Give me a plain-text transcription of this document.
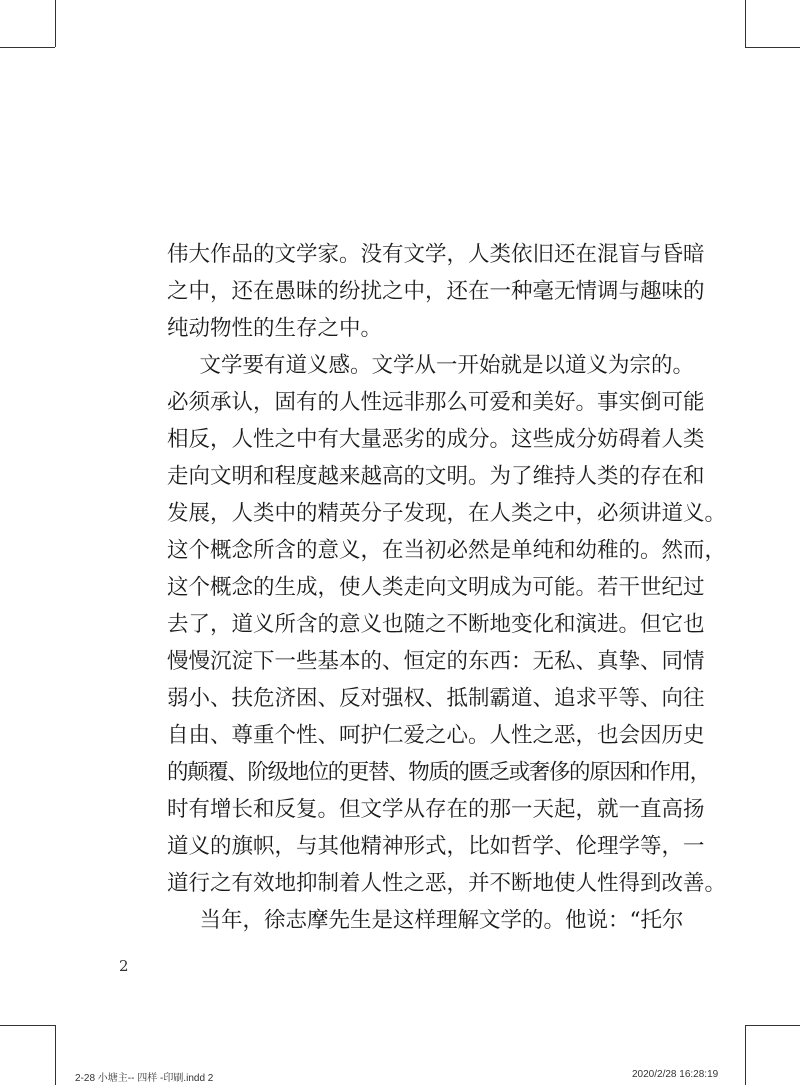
伟大作品的文学家。没有文学，人类依旧还在混盲与昏暗
之中，还在愚昧的纷扰之中，还在一种毫无情调与趣味的
纯动物性的生存之中。
　文学要有道义感。文学从一开始就是以道义为宗的。
必须承认，固有的人性远非那么可爱和美好。事实倒可能
相反，人性之中有大量恶劣的成分。这些成分妨碍着人类
走向文明和程度越来越高的文明。为了维持人类的存在和
发展，人类中的精英分子发现，在人类之中，必须讲道义。
这个概念所含的意义，在当初必然是单纯和幼稚的。然而，
这个概念的生成，使人类走向文明成为可能。若干世纪过
去了，道义所含的意义也随之不断地变化和演进。但它也
慢慢沉淀下一些基本的、恒定的东西：无私、真挚、同情
弱小、扶危济困、反对强权、抵制霸道、追求平等、向往
自由、尊重个性、呵护仁爱之心。人性之恶，也会因历史
的颠覆、阶级地位的更替、物质的匮乏或奢侈的原因和作用，
时有增长和反复。但文学从存在的那一天起，就一直高扬
道义的旗帜，与其他精神形式，比如哲学、伦理学等，一
道行之有效地抑制着人性之恶，并不断地使人性得到改善。
　当年，徐志摩先生是这样理解文学的。他说：“托尔
2
2-28 小塘主-- 四样 -印刷.indd 2	2020/2/28 16:28:19
